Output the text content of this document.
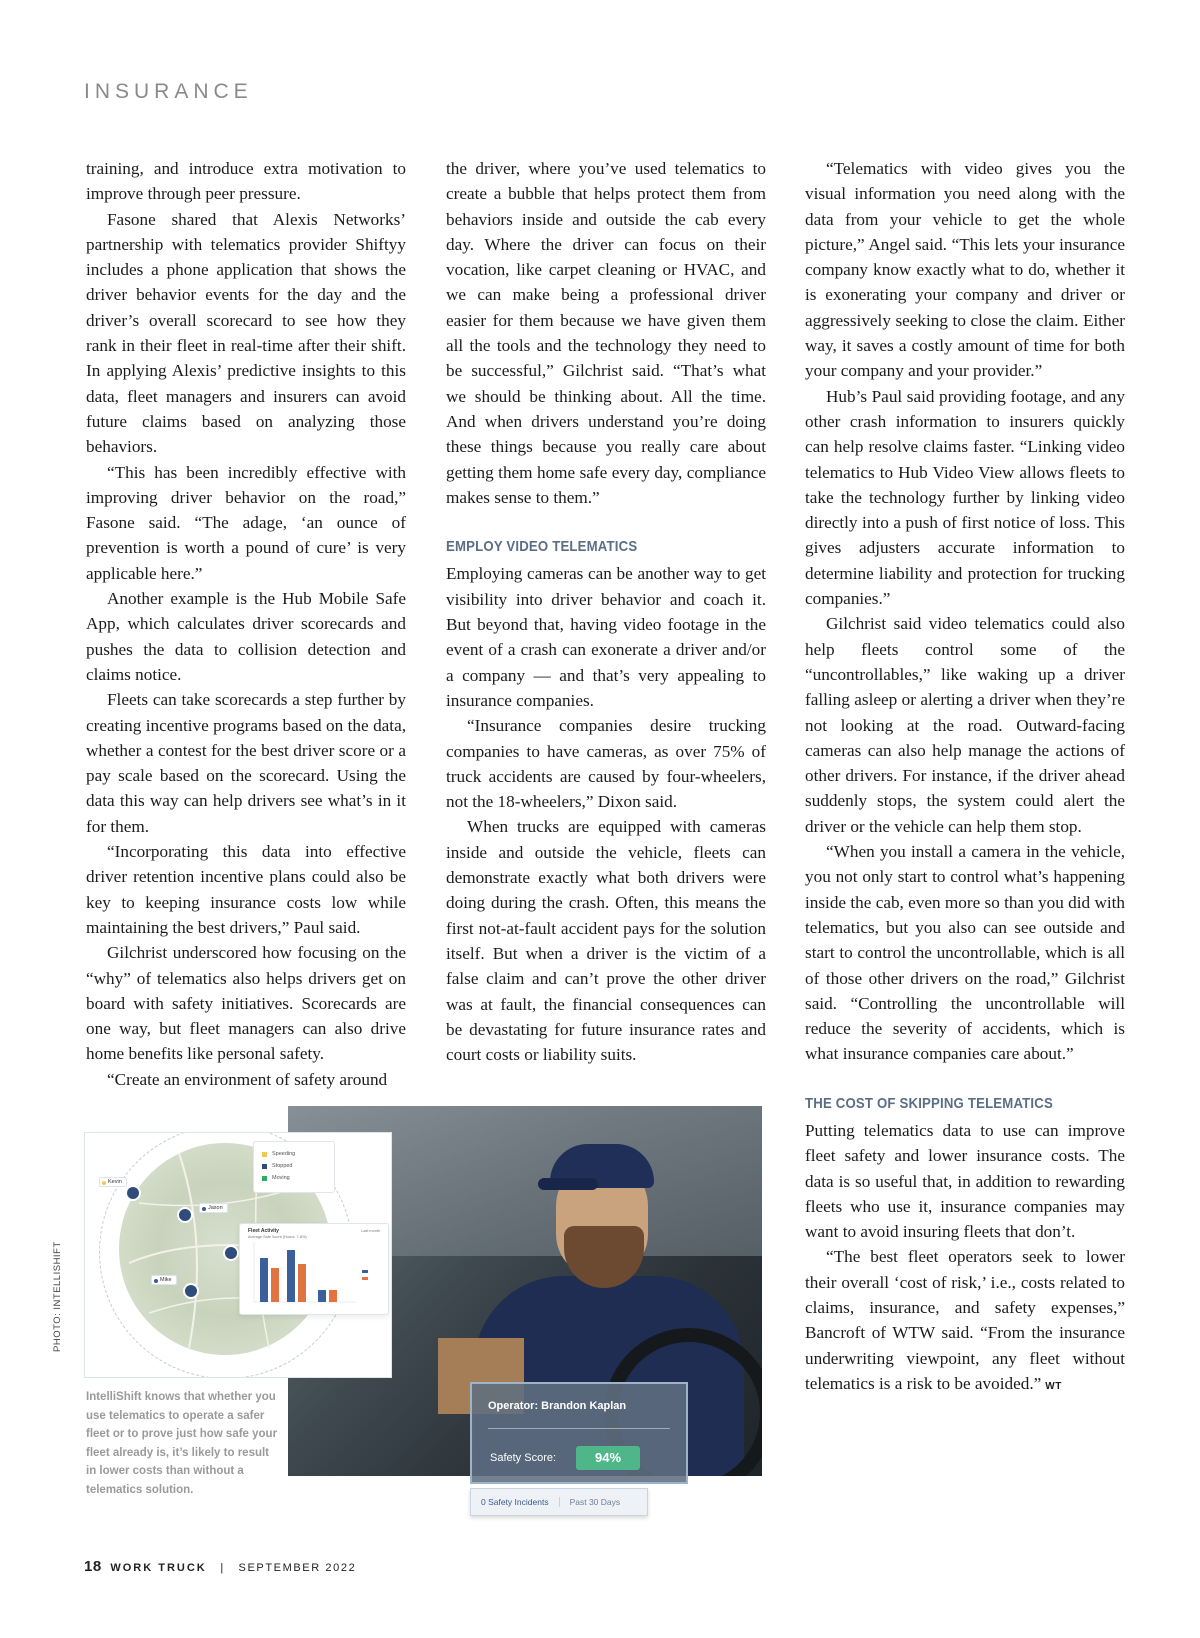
INSURANCE

training, and introduce extra motivation to improve through peer pressure.

Fasone shared that Alexis Networks’ partnership with telematics provider Shiftyy includes a phone application that shows the driver behavior events for the day and the driver’s overall scorecard to see how they rank in their fleet in real-time after their shift. In applying Alexis’ predictive insights to this data, fleet managers and insurers can avoid future claims based on analyzing those behaviors.

“This has been incredibly effective with improving driver behavior on the road,” Fasone said. “The adage, ‘an ounce of prevention is worth a pound of cure’ is very applicable here.”

Another example is the Hub Mobile Safe App, which calculates driver scorecards and pushes the data to collision detection and claims notice.

Fleets can take scorecards a step further by creating incentive programs based on the data, whether a contest for the best driver score or a pay scale based on the scorecard. Using the data this way can help drivers see what’s in it for them.

“Incorporating this data into effective driver retention incentive plans could also be key to keeping insurance costs low while maintaining the best drivers,” Paul said.

Gilchrist underscored how focusing on the “why” of telematics also helps drivers get on board with safety initiatives. Scorecards are one way, but fleet managers can also drive home benefits like personal safety.

“Create an environment of safety around

the driver, where you’ve used telematics to create a bubble that helps protect them from behaviors inside and outside the cab every day. Where the driver can focus on their vocation, like carpet cleaning or HVAC, and we can make being a professional driver easier for them because we have given them all the tools and the technology they need to be successful,” Gilchrist said. “That’s what we should be thinking about. All the time. And when drivers understand you’re doing these things because you really care about getting them home safe every day, compliance makes sense to them.”

EMPLOY VIDEO TELEMATICS

Employing cameras can be another way to get visibility into driver behavior and coach it. But beyond that, having video footage in the event of a crash can exonerate a driver and/or a company — and that’s very appealing to insurance companies.

“Insurance companies desire trucking companies to have cameras, as over 75% of truck accidents are caused by four-wheelers, not the 18-wheelers,” Dixon said.

When trucks are equipped with cameras inside and outside the vehicle, fleets can demonstrate exactly what both drivers were doing during the crash. Often, this means the first not-at-fault accident pays for the solution itself. But when a driver is the victim of a false claim and can’t prove the other driver was at fault, the financial consequences can be devastating for future insurance rates and court costs or liability suits.

“Telematics with video gives you the visual information you need along with the data from your vehicle to get the whole picture,” Angel said. “This lets your insurance company know exactly what to do, whether it is exonerating your company and driver or aggressively seeking to close the claim. Either way, it saves a costly amount of time for both your company and your provider.”

Hub’s Paul said providing footage, and any other crash information to insurers quickly can help resolve claims faster. “Linking video telematics to Hub Video View allows fleets to take the technology further by linking video directly into a push of first notice of loss. This gives adjusters accurate information to determine liability and protection for trucking companies.”

Gilchrist said video telematics could also help fleets control some of the “uncontrollables,” like waking up a driver falling asleep or alerting a driver when they’re not looking at the road. Outward-facing cameras can also help manage the actions of other drivers. For instance, if the driver ahead suddenly stops, the system could alert the driver or the vehicle can help them stop.

“When you install a camera in the vehicle, you not only start to control what’s happening inside the cab, even more so than you did with telematics, but you also can see outside and start to control the uncontrollable, which is all of those other drivers on the road,” Gilchrist said. “Controlling the uncontrollable will reduce the severity of accidents, which is what insurance companies care about.”

THE COST OF SKIPPING TELEMATICS

Putting telematics data to use can improve fleet safety and lower insurance costs. The data is so useful that, in addition to rewarding fleets who use it, insurance companies may want to avoid insuring fleets that don’t.

“The best fleet operators seek to lower their overall ‘cost of risk,’ i.e., costs related to claims, insurance, and safety expenses,” Bancroft of WTW said. “From the insurance underwriting viewpoint, any fleet without telematics is a risk to be avoided.” WT

Operator: Brandon Kaplan
Safety Score:	94%
0 Safety Incidents	Past 30 Days
Speeding
Stopped
Moving
Kevin
Jason
Mike
Fleet Activity
Average Safe Score (Hours: 7-8%)
Last month
IntelliShift knows that whether you use telematics to operate a safer fleet or to prove just how safe your fleet already is, it’s likely to result in lower costs than without a telematics solution.
PHOTO: INTELLISHIFT
18 WORK TRUCK | SEPTEMBER 2022
